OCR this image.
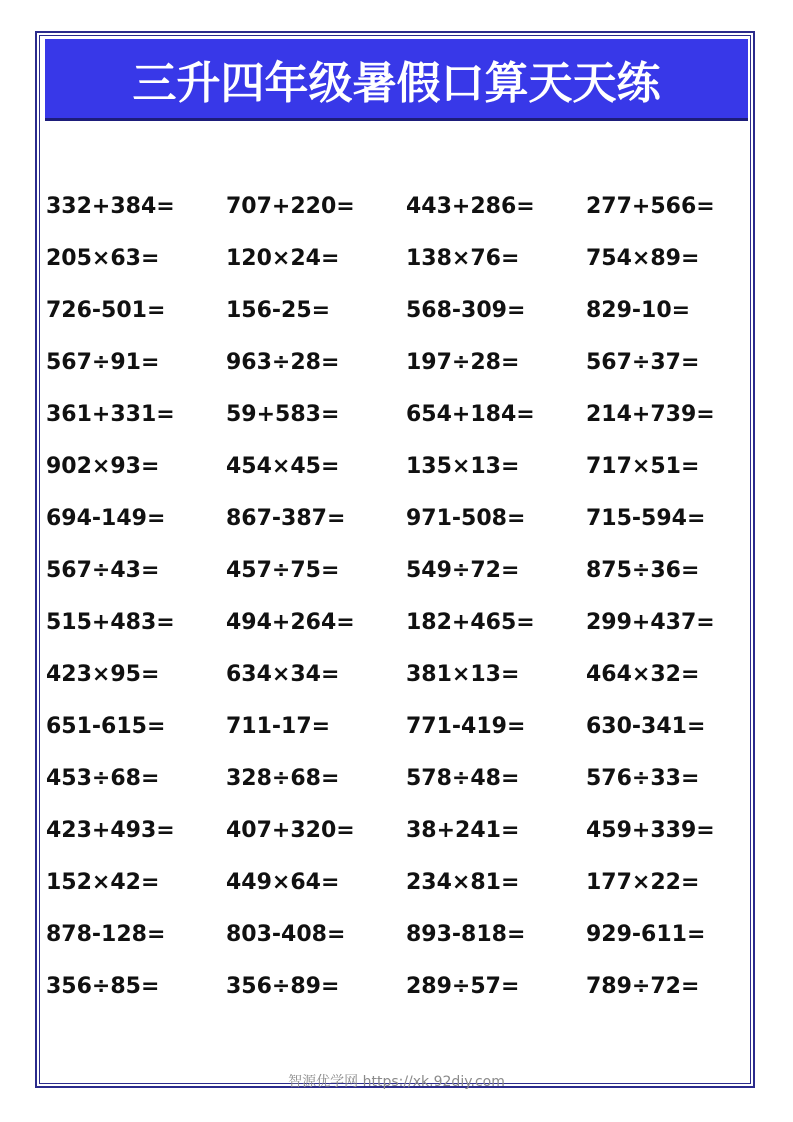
三升四年级暑假口算天天练
332+384=	707+220=	443+286=	277+566=
205×63=	120×24=	138×76=	754×89=
726-501=	156-25=	568-309=	829-10=
567÷91=	963÷28=	197÷28=	567÷37=
361+331=	59+583=	654+184=	214+739=
902×93=	454×45=	135×13=	717×51=
694-149=	867-387=	971-508=	715-594=
567÷43=	457÷75=	549÷72=	875÷36=
515+483=	494+264=	182+465=	299+437=
423×95=	634×34=	381×13=	464×32=
651-615=	711-17=	771-419=	630-341=
453÷68=	328÷68=	578÷48=	576÷33=
423+493=	407+320=	38+241=	459+339=
152×42=	449×64=	234×81=	177×22=
878-128=	803-408=	893-818=	929-611=
356÷85=	356÷89=	289÷57=	789÷72=
智源优学网 https://xk.92diy.com
